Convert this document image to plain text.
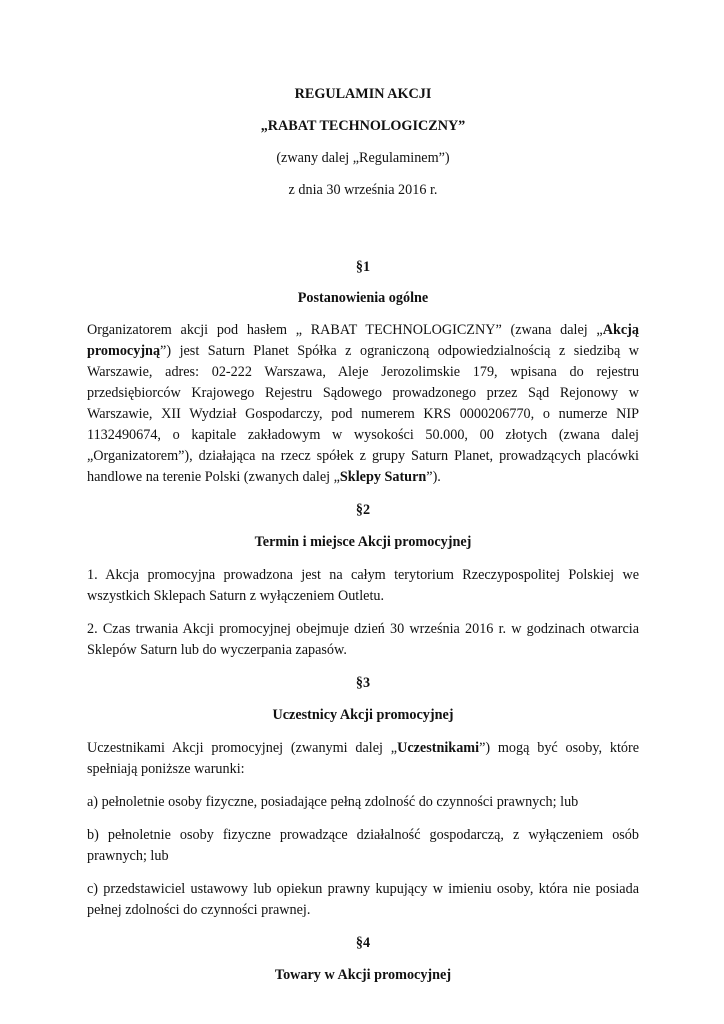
REGULAMIN AKCJI

„RABAT TECHNOLOGICZNY”

(zwany dalej „Regulaminem”)

z dnia 30 września 2016 r.

§1

Postanowienia ogólne

Organizatorem akcji pod hasłem „ RABAT TECHNOLOGICZNY” (zwana dalej „Akcją promocyjną”) jest Saturn Planet Spółka z ograniczoną odpowiedzialnością z siedzibą w Warszawie, adres: 02-222 Warszawa, Aleje Jerozolimskie 179, wpisana do rejestru przedsiębiorców Krajowego Rejestru Sądowego prowadzonego przez Sąd Rejonowy w Warszawie, XII Wydział Gospodarczy, pod numerem KRS 0000206770, o numerze NIP 1132490674, o kapitale zakładowym w wysokości 50.000, 00 złotych (zwana dalej „Organizatorem”), działająca na rzecz spółek z grupy Saturn Planet, prowadzących placówki handlowe na terenie Polski (zwanych dalej „Sklepy Saturn”).

§2

Termin i miejsce Akcji promocyjnej

1. Akcja promocyjna prowadzona jest na całym terytorium Rzeczypospolitej Polskiej we wszystkich Sklepach Saturn z wyłączeniem Outletu.

2. Czas trwania Akcji promocyjnej obejmuje dzień 30 września 2016 r. w godzinach otwarcia Sklepów Saturn lub do wyczerpania zapasów.

§3

Uczestnicy Akcji promocyjnej

Uczestnikami Akcji promocyjnej (zwanymi dalej „Uczestnikami”) mogą być osoby, które spełniają poniższe warunki:

a) pełnoletnie osoby fizyczne, posiadające pełną zdolność do czynności prawnych; lub

b) pełnoletnie osoby fizyczne prowadzące działalność gospodarczą, z wyłączeniem osób prawnych; lub

c) przedstawiciel ustawowy lub opiekun prawny kupujący w imieniu osoby, która nie posiada pełnej zdolności do czynności prawnej.

§4

Towary w Akcji promocyjnej
